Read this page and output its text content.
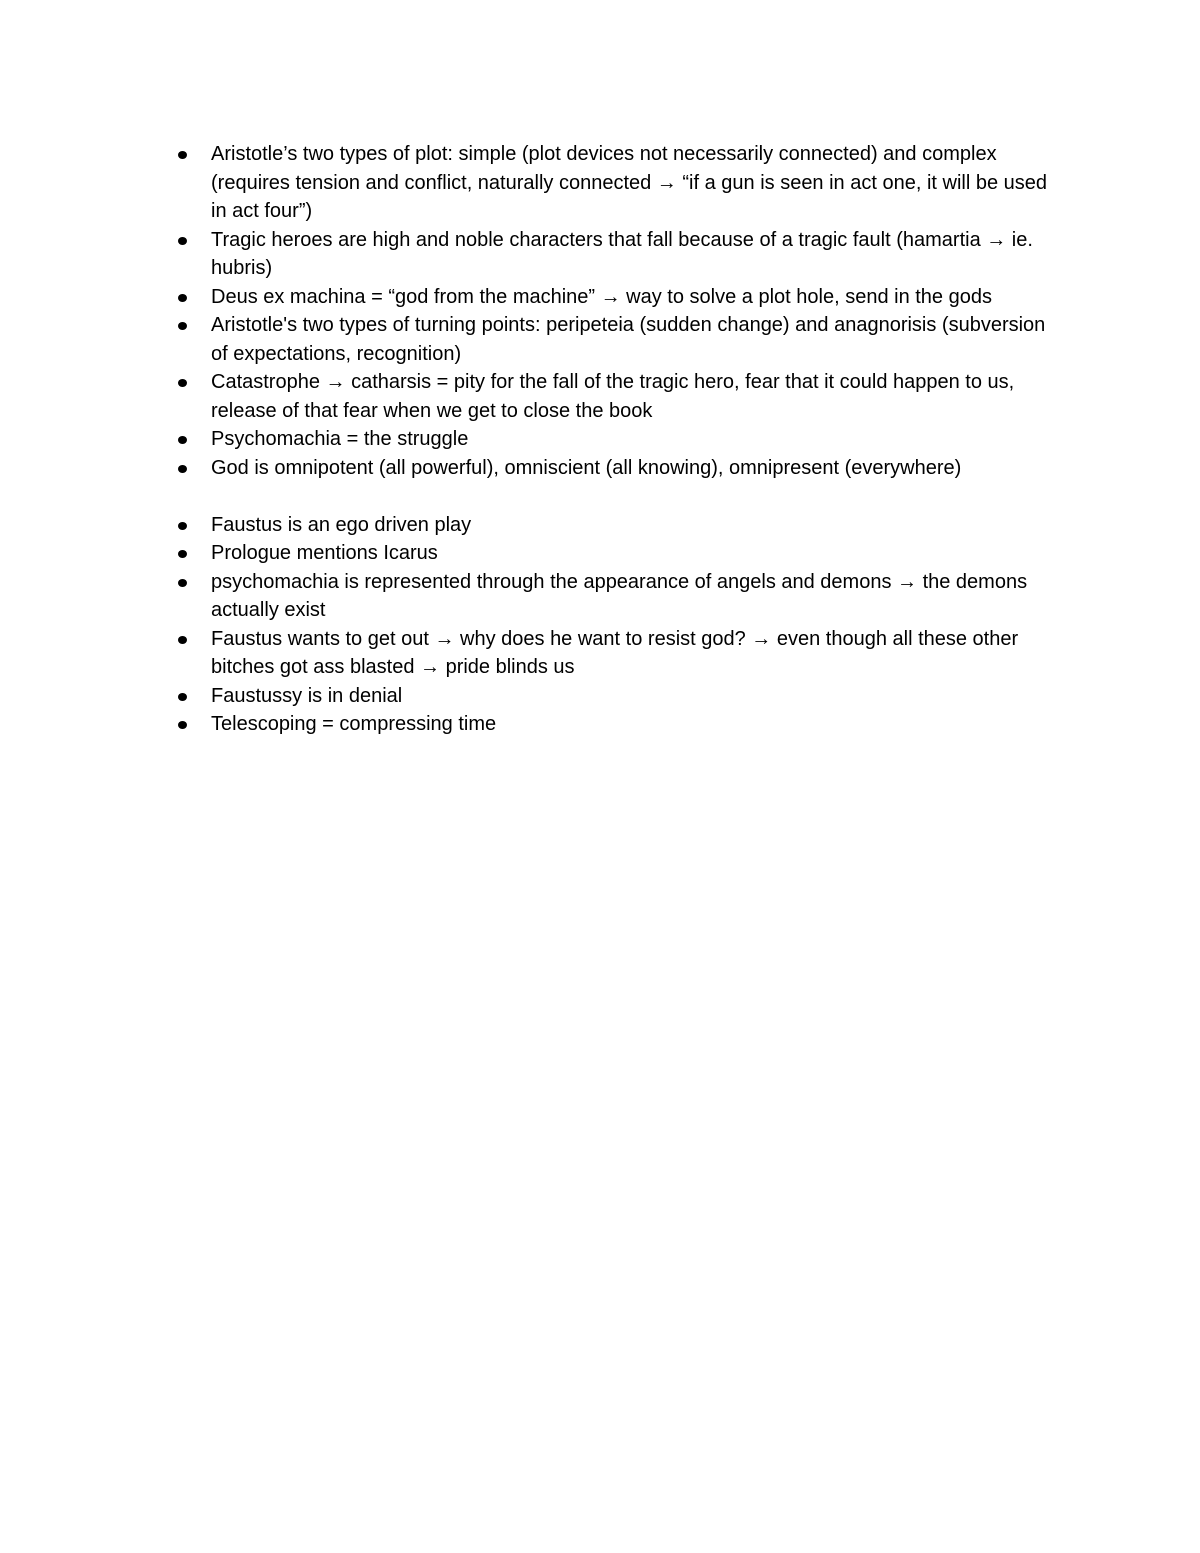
Aristotle’s two types of plot: simple (plot devices not necessarily connected) and complex (requires tension and conflict, naturally connected → “if a gun is seen in act one, it will be used in act four”)
Tragic heroes are high and noble characters that fall because of a tragic fault (hamartia → ie. hubris)
Deus ex machina = “god from the machine” → way to solve a plot hole, send in the gods
Aristotle's two types of turning points: peripeteia (sudden change) and anagnorisis (subversion of expectations, recognition)
Catastrophe → catharsis = pity for the fall of the tragic hero, fear that it could happen to us, release of that fear when we get to close the book
Psychomachia = the struggle
God is omnipotent (all powerful), omniscient (all knowing), omnipresent (everywhere)
Faustus is an ego driven play
Prologue mentions Icarus
psychomachia is represented through the appearance of angels and demons → the demons actually exist
Faustus wants to get out → why does he want to resist god? → even though all these other bitches got ass blasted → pride blinds us
Faustussy is in denial
Telescoping = compressing time
